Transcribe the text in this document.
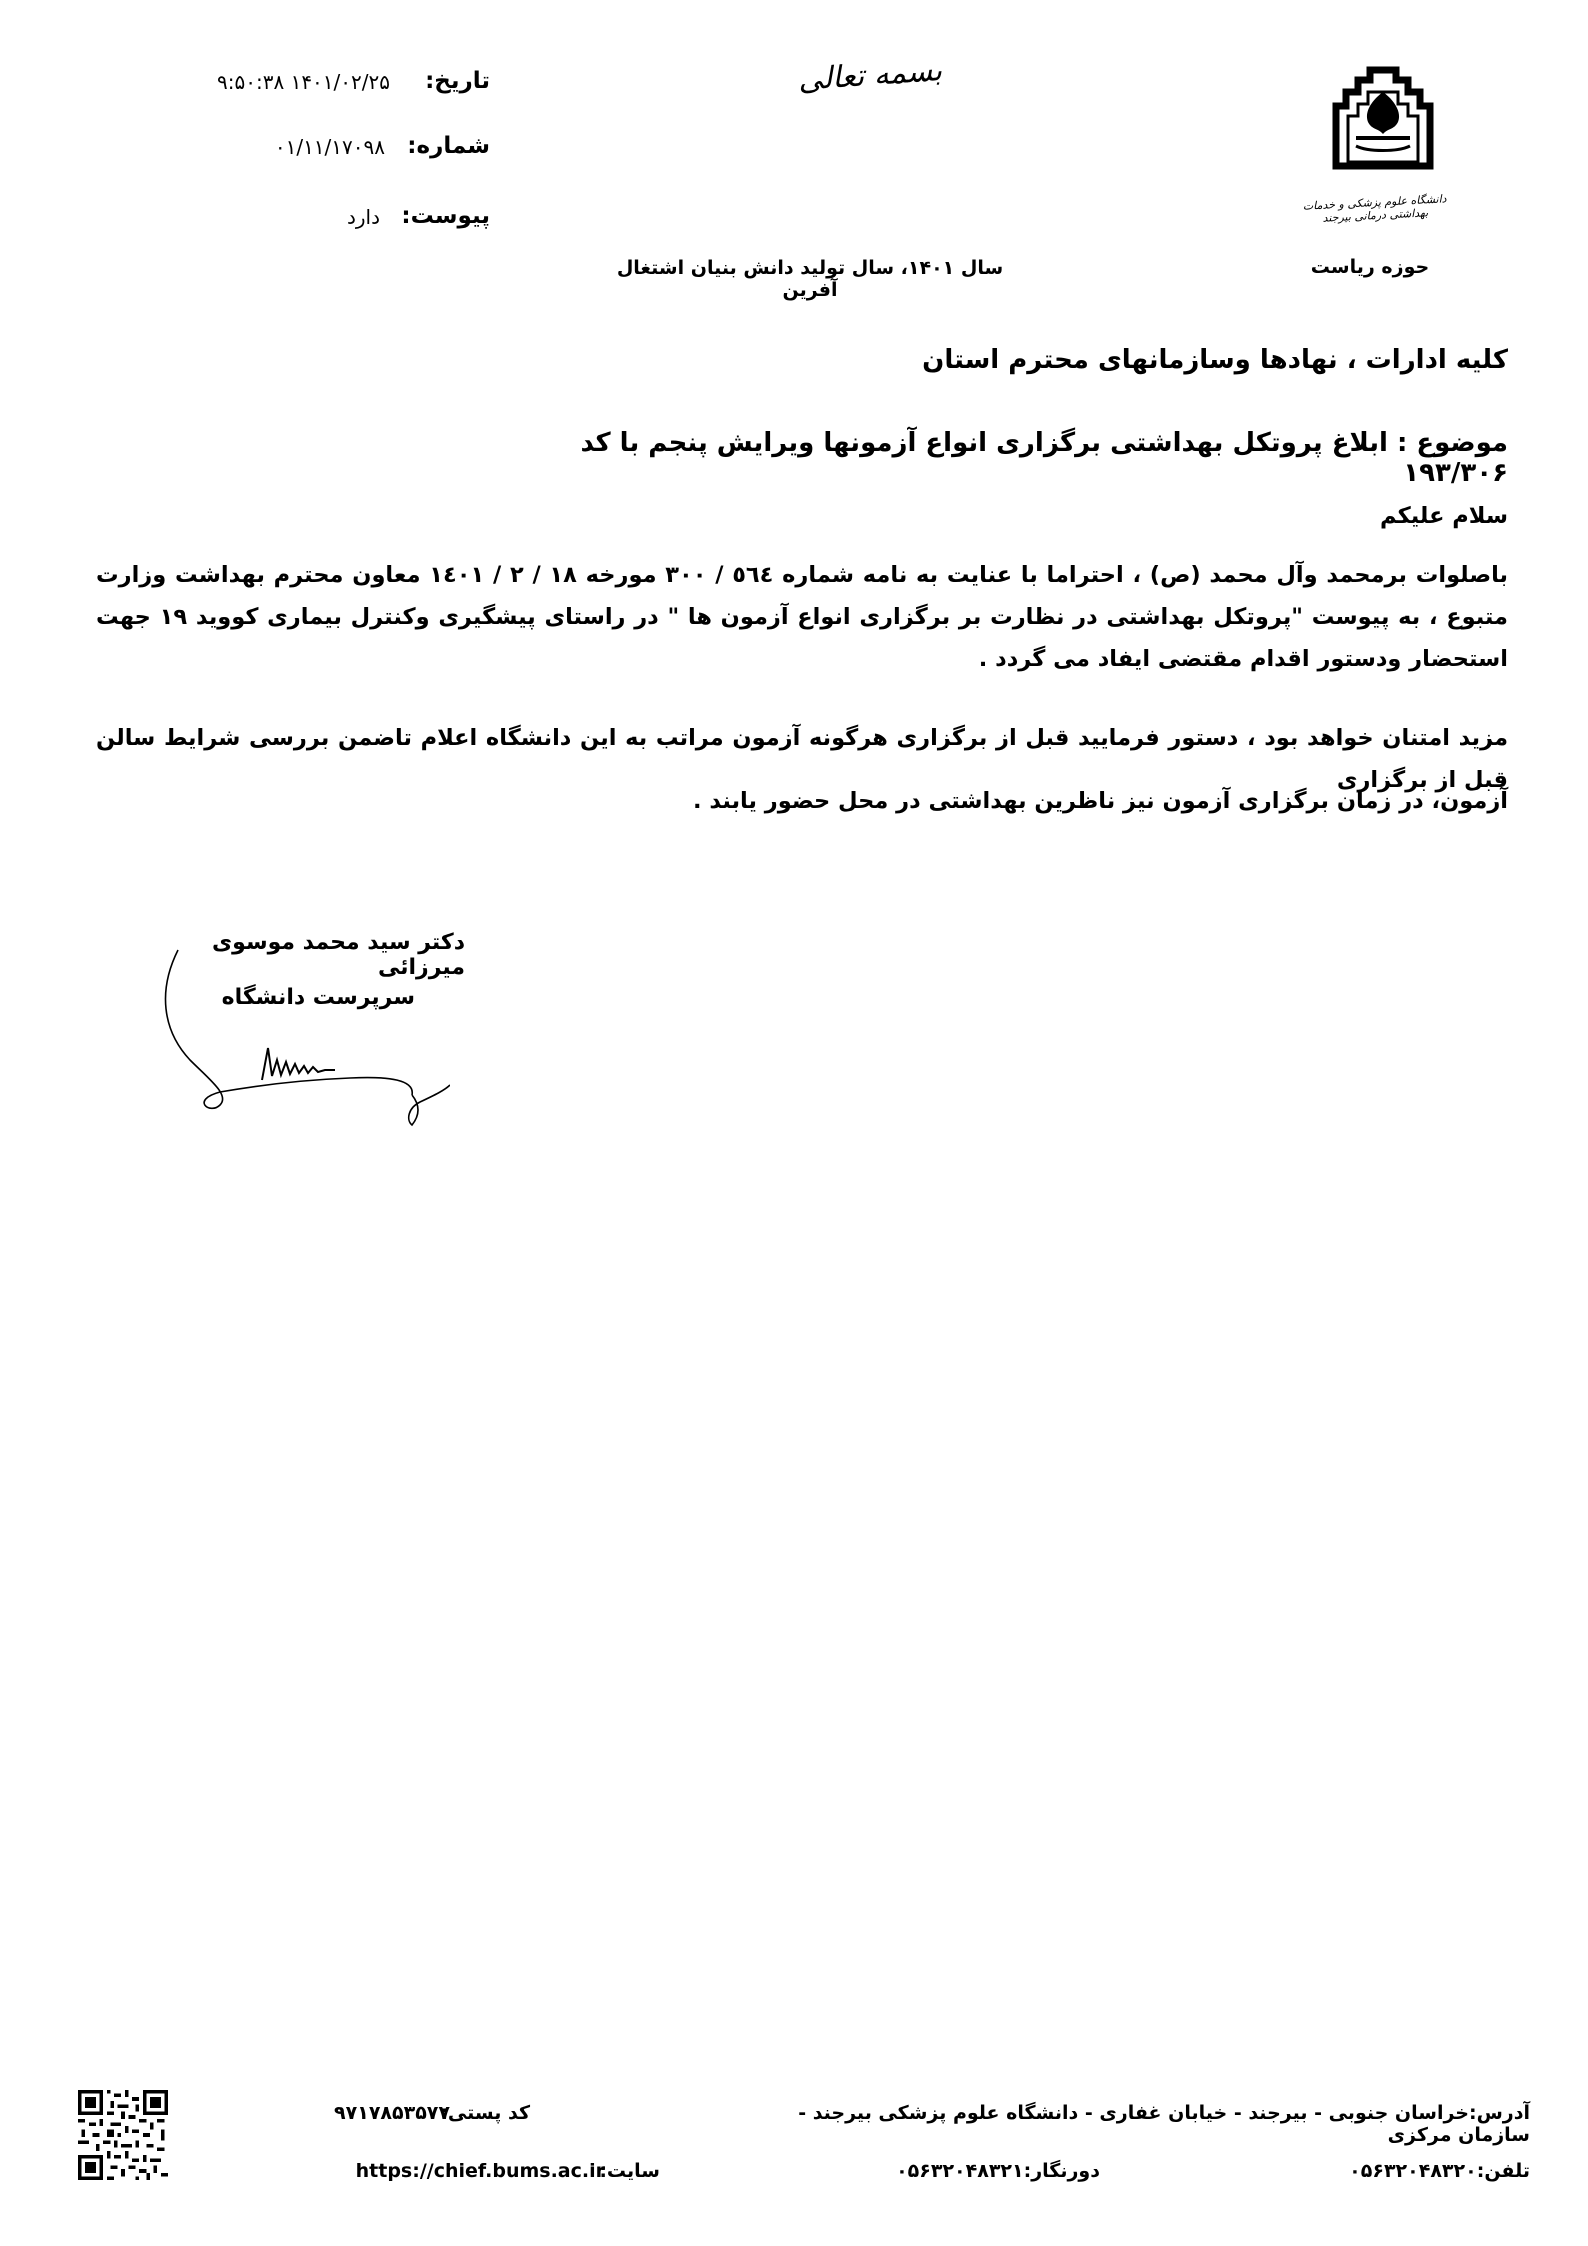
دانشگاه علوم پزشکی و خدمات بهداشتی درمانی بیرجند
حوزه ریاست
بسمه تعالی
سال ۱۴۰۱، سال تولید دانش بنیان اشتغال آفرین
تاریخ:
۹:۵۰:۳۸ ۱۴۰۱/۰۲/۲۵
شماره:
۰۱/۱۱/۱۷۰۹۸
پیوست:
دارد
کلیه ادارات ، نهادها وسازمانهای محترم استان
موضوع : ابلاغ پروتکل بهداشتی برگزاری انواع آزمونها ویرایش پنجم با کد ۱۹۳/۳۰۶
سلام علیکم
باصلوات برمحمد وآل محمد (ص) ، احتراما با عنایت به نامه شماره ٥٦٤ / ۳۰۰ مورخه ۱۸ / ۲ / ۱٤۰۱ معاون محترم بهداشت وزارت متبوع ، به پیوست "پروتکل بهداشتی در نظارت بر برگزاری انواع آزمون ها " در راستای پیشگیری وکنترل بیماری کووید ۱۹ جهت استحضار ودستور اقدام مقتضی ایفاد می گردد .
مزید امتنان خواهد بود ، دستور فرمایید قبل از برگزاری هرگونه آزمون مراتب به این دانشگاه اعلام تاضمن بررسی شرایط سالن قبل از برگزاری
آزمون، در زمان برگزاری آزمون نیز ناظرین بهداشتی در محل حضور یابند .
دکتر سید محمد موسوی میرزائی
سرپرست دانشگاه
آدرس:خراسان جنوبی - بیرجند - خیابان غفاری - دانشگاه علوم پزشکی بیرجند - سازمان مرکزی
کد پستی:
۹۷۱۷۸۵۳۵۷۷
تلفن:۰۵۶۳۲۰۴۸۳۲۰
دورنگار:۰۵۶۳۲۰۴۸۳۲۱
سایت:
https://chief.bums.ac.ir
